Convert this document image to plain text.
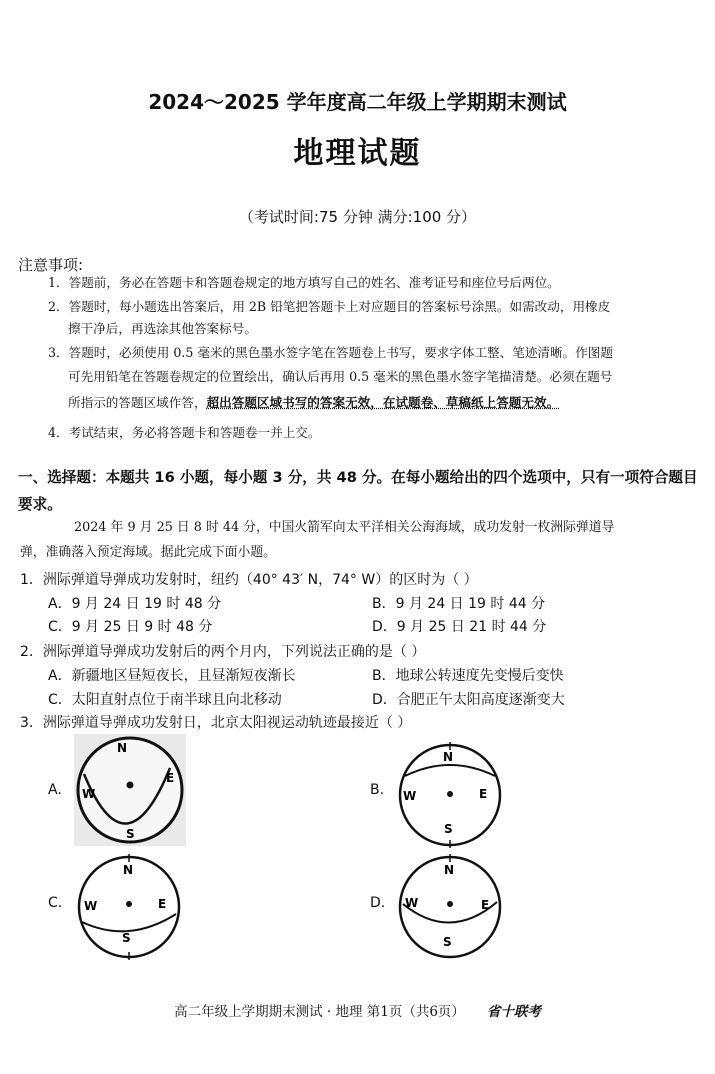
2024～2025 学年度高二年级上学期期末测试
地理试题
（考试时间:75 分钟 满分:100 分）
注意事项:
1．答题前，务必在答题卡和答题卷规定的地方填写自己的姓名、准考证号和座位号后两位。
2．答题时，每小题选出答案后，用 2B 铅笔把答题卡上对应题目的答案标号涂黑。如需改动，用橡皮
擦干净后，再选涂其他答案标号。
3．答题时，必须使用 0.5 毫米的黑色墨水签字笔在答题卷上书写，要求字体工整、笔迹清晰。作图题
可先用铅笔在答题卷规定的位置绘出，确认后再用 0.5 毫米的黑色墨水签字笔描清楚。必须在题号
所指示的答题区域作答，超出答题区域书写的答案无效，在试题卷、草稿纸上答题无效。
4．考试结束，务必将答题卡和答题卷一并上交。
一、选择题：本题共 16 小题，每小题 3 分，共 48 分。在每小题给出的四个选项中，只有一项符合题目要求。
2024 年 9 月 25 日 8 时 44 分，中国火箭军向太平洋相关公海海域，成功发射一枚洲际弹道导
弹，准确落入预定海域。据此完成下面小题。
1．洲际弹道导弹成功发射时，纽约（40° 43′ N，74° W）的区时为（ ）
A．9 月 24 日 19 时 48 分	B．9 月 24 日 19 时 44 分
C．9 月 25 日 9 时 48 分	D．9 月 25 日 21 时 44 分
2．洲际弹道导弹成功发射后的两个月内，下列说法正确的是（ ）
A．新疆地区昼短夜长，且昼渐短夜渐长	B．地球公转速度先变慢后变快
C．太阳直射点位于南半球且向北移动	D．合肥正午太阳高度逐渐变大
3．洲际弹道导弹成功发射日，北京太阳视运动轨迹最接近（ ）
A.
N
E
W
S
B.
N
E
W
S
C.
N
E
W
S
D.
N
E
W
S
高二年级上学期期末测试 · 地理 第1页（共6页） 省十联考
